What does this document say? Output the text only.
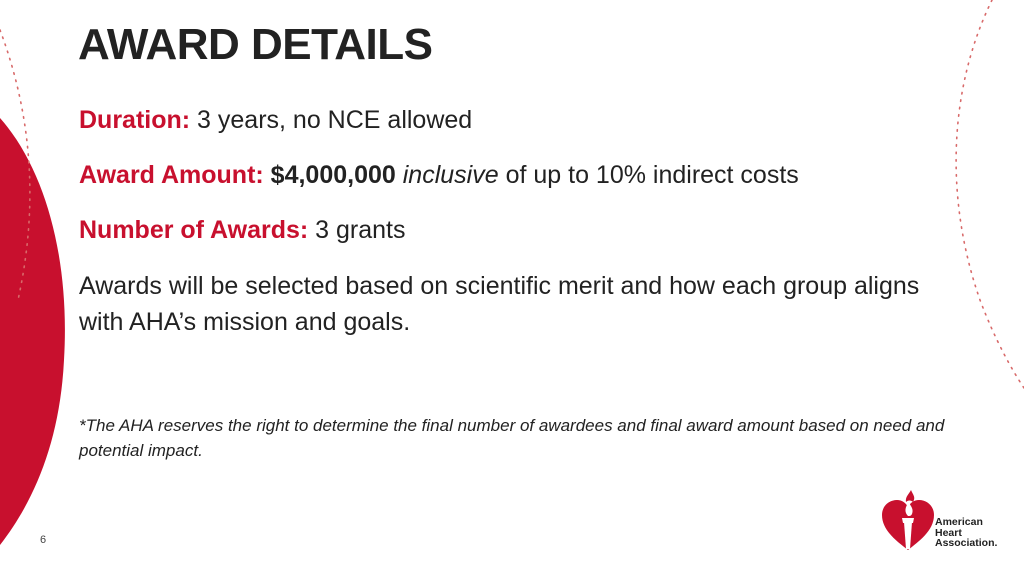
AWARD DETAILS
Duration: 3 years, no NCE allowed
Award Amount: $4,000,000 inclusive of up to 10% indirect costs
Number of Awards: 3 grants
Awards will be selected based on scientific merit and how each group aligns with AHA’s mission and goals.
*The AHA reserves the right to determine the final number of awardees and final award amount based on need and potential impact.
6
American
Heart
Association.
